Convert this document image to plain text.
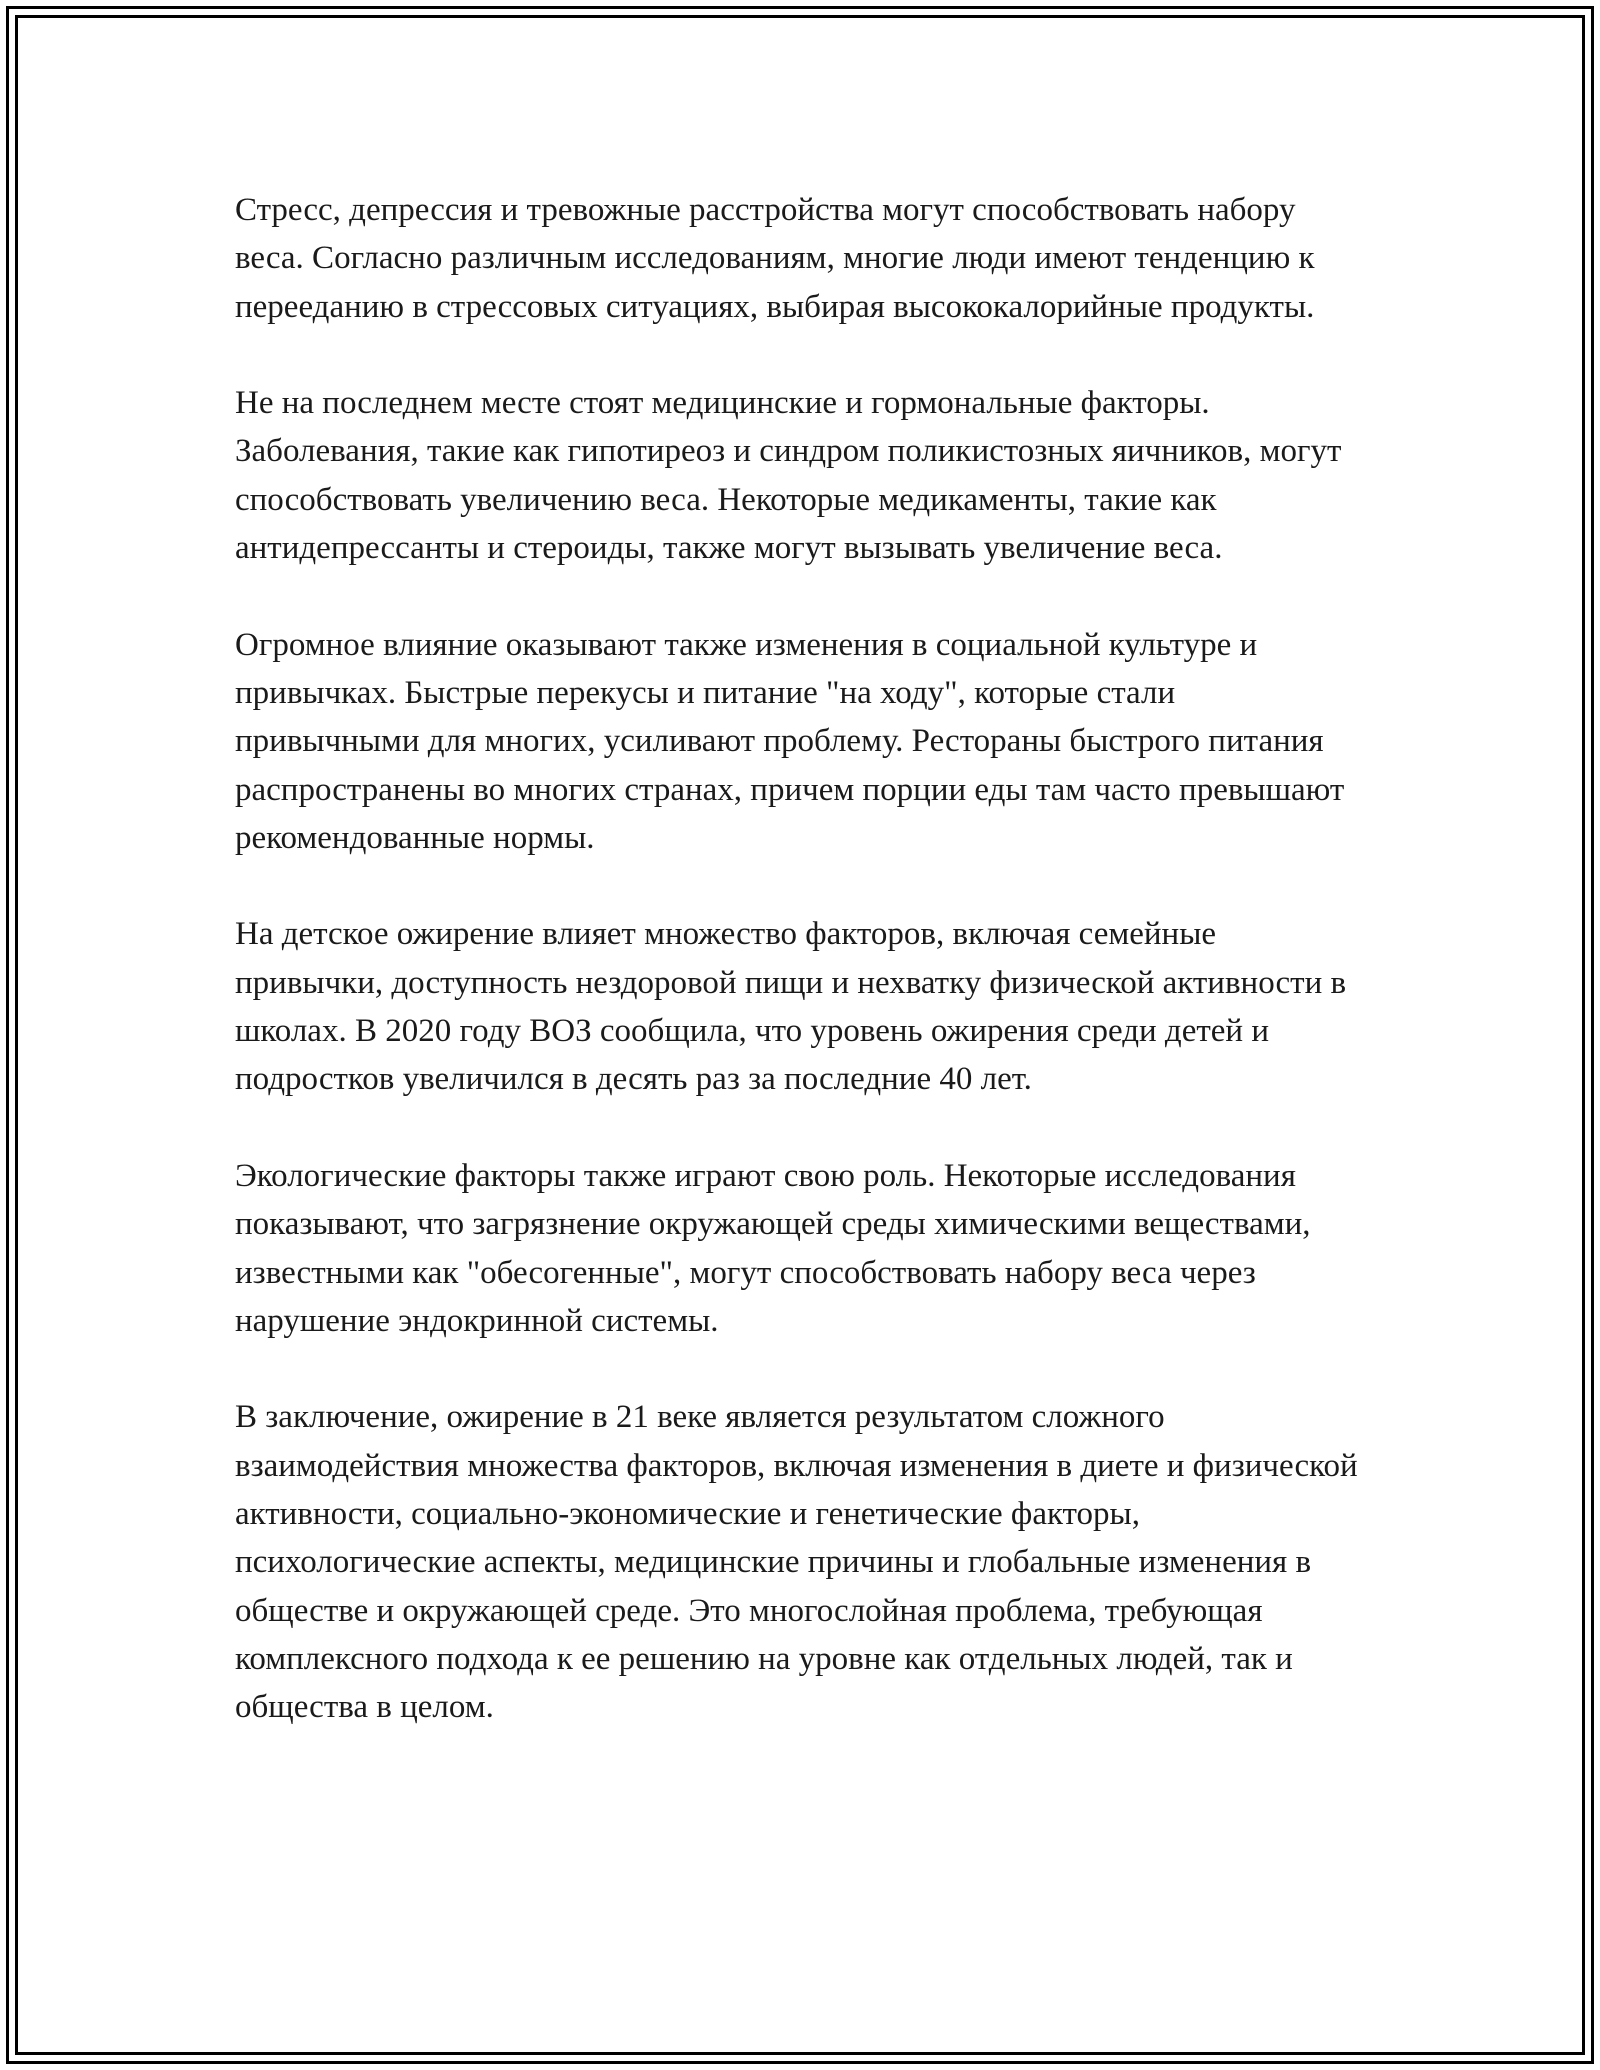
Стресс, депрессия и тревожные расстройства могут способствовать набору веса. Согласно различным исследованиям, многие люди имеют тенденцию к перееданию в стрессовых ситуациях, выбирая высококалорийные продукты.

Не на последнем месте стоят медицинские и гормональные факторы. Заболевания, такие как гипотиреоз и синдром поликистозных яичников, могут способствовать увеличению веса. Некоторые медикаменты, такие как антидепрессанты и стероиды, также могут вызывать увеличение веса.

Огромное влияние оказывают также изменения в социальной культуре и привычках. Быстрые перекусы и питание "на ходу", которые стали привычными для многих, усиливают проблему. Рестораны быстрого питания распространены во многих странах, причем порции еды там часто превышают рекомендованные нормы.

На детское ожирение влияет множество факторов, включая семейные привычки, доступность нездоровой пищи и нехватку физической активности в школах. В 2020 году ВОЗ сообщила, что уровень ожирения среди детей и подростков увеличился в десять раз за последние 40 лет.

Экологические факторы также играют свою роль. Некоторые исследования показывают, что загрязнение окружающей среды химическими веществами, известными как "обесогенные", могут способствовать набору веса через нарушение эндокринной системы.

В заключение, ожирение в 21 веке является результатом сложного взаимодействия множества факторов, включая изменения в диете и физической активности, социально-экономические и генетические факторы, психологические аспекты, медицинские причины и глобальные изменения в обществе и окружающей среде. Это многослойная проблема, требующая комплексного подхода к ее решению на уровне как отдельных людей, так и общества в целом.
